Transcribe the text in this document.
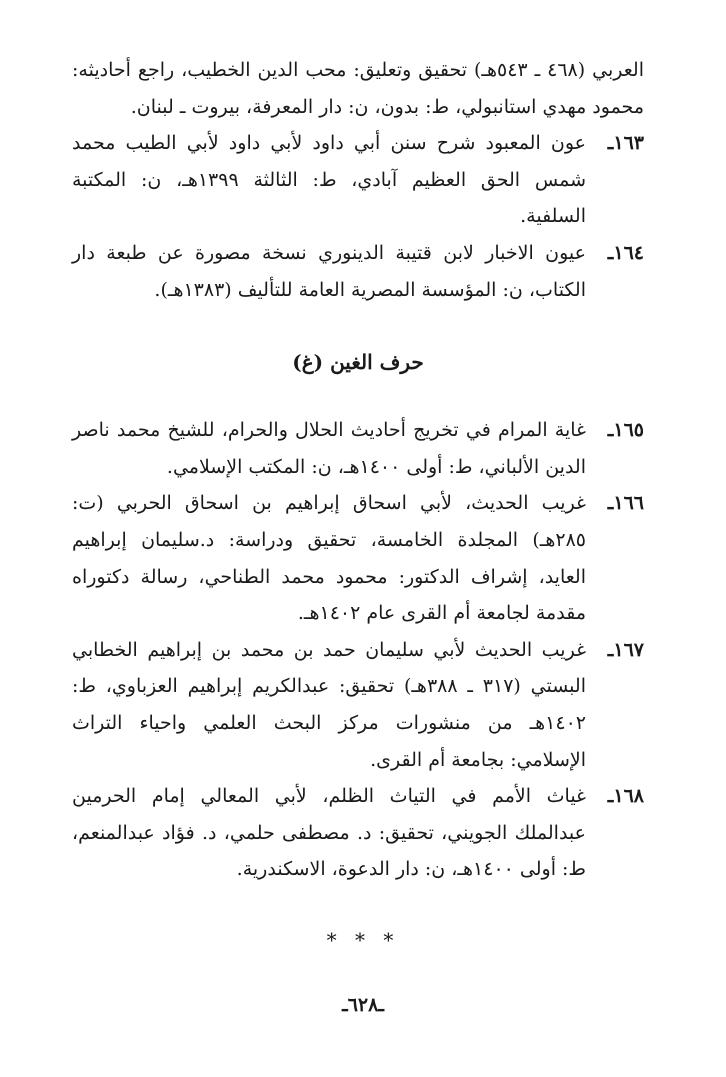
العربي (٤٦٨ ـ ٥٤٣هـ) تحقيق وتعليق: محب الدين الخطيب، راجع أحاديثه: محمود مهدي استانبولي، ط: بدون، ن: دار المعرفة، بيروت ـ لبنان.

١٦٣ـ
عون المعبود شرح سنن أبي داود لأبي داود لأبي الطيب محمد شمس الحق العظيم آبادي، ط: الثالثة ١٣٩٩هـ، ن: المكتبة السلفية.

١٦٤ـ
عيون الاخبار لابن قتيبة الدينوري نسخة مصورة عن طبعة دار الكتاب، ن: المؤسسة المصرية العامة للتأليف (١٣٨٣هـ).

حرف الغين (غ)

١٦٥ـ
غاية المرام في تخريج أحاديث الحلال والحرام، للشيخ محمد ناصر الدين الألباني، ط: أولى ١٤٠٠هـ، ن: المكتب الإسلامي.

١٦٦ـ
غريب الحديث، لأبي اسحاق إبراهيم بن اسحاق الحربي (ت: ٢٨٥هـ) المجلدة الخامسة، تحقيق ودراسة: د.سليمان إبراهيم العايد، إشراف الدكتور: محمود محمد الطناحي، رسالة دكتوراه مقدمة لجامعة أم القرى عام ١٤٠٢هـ.

١٦٧ـ
غريب الحديث لأبي سليمان حمد بن محمد بن إبراهيم الخطابي البستي (٣١٧ ـ ٣٨٨هـ) تحقيق: عبدالكريم إبراهيم العزباوي، ط: ١٤٠٢هـ من منشورات مركز البحث العلمي واحياء التراث الإسلامي: بجامعة أم القرى.

١٦٨ـ
غياث الأمم في التياث الظلم، لأبي المعالي إمام الحرمين عبدالملك الجويني، تحقيق: د. مصطفى حلمي، د. فؤاد عبدالمنعم، ط: أولى ١٤٠٠هـ، ن: دار الدعوة، الاسكندرية.

* * *
ـ٦٢٨ـ
